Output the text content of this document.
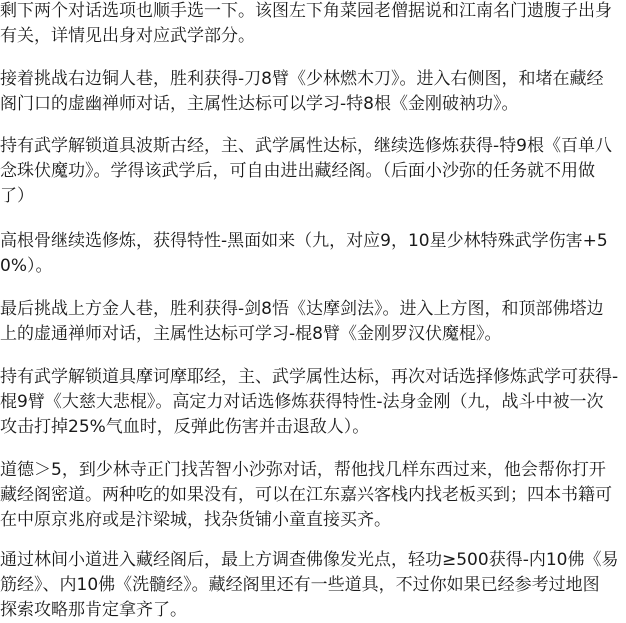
剩下两个对话选项也顺手选一下。该图左下角菜园老僧据说和江南名门遗腹子出身
有关，详情见出身对应武学部分。

接着挑战右边铜人巷，胜利获得-刀8臂《少林燃木刀》。进入右侧图，和堵在藏经
阁门口的虚幽禅师对话，主属性达标可以学习-特8根《金刚破衲功》。

持有武学解锁道具波斯古经，主、武学属性达标，继续选修炼获得-特9根《百单八
念珠伏魔功》。学得该武学后，可自由进出藏经阁。（后面小沙弥的任务就不用做
了）

高根骨继续选修炼，获得特性-黑面如来（九，对应9，10星少林特殊武学伤害+5
0%）。

最后挑战上方金人巷，胜利获得-剑8悟《达摩剑法》。进入上方图，和顶部佛塔边
上的虚通禅师对话，主属性达标可学习-棍8臂《金刚罗汉伏魔棍》。

持有武学解锁道具摩诃摩耶经，主、武学属性达标，再次对话选择修炼武学可获得-
棍9臂《大慈大悲棍》。高定力对话选修炼获得特性-法身金刚（九，战斗中被一次
攻击打掉25%气血时，反弹此伤害并击退敌人）。

道德＞5，到少林寺正门找苦智小沙弥对话，帮他找几样东西过来，他会帮你打开
藏经阁密道。两种吃的如果没有，可以在江东嘉兴客栈内找老板买到；四本书籍可
在中原京兆府或是汴梁城，找杂货铺小童直接买齐。

通过林间小道进入藏经阁后，最上方调查佛像发光点，轻功≥500获得-内10佛《易
筋经》、内10佛《洗髓经》。藏经阁里还有一些道具，不过你如果已经参考过地图
探索攻略那肯定拿齐了。
